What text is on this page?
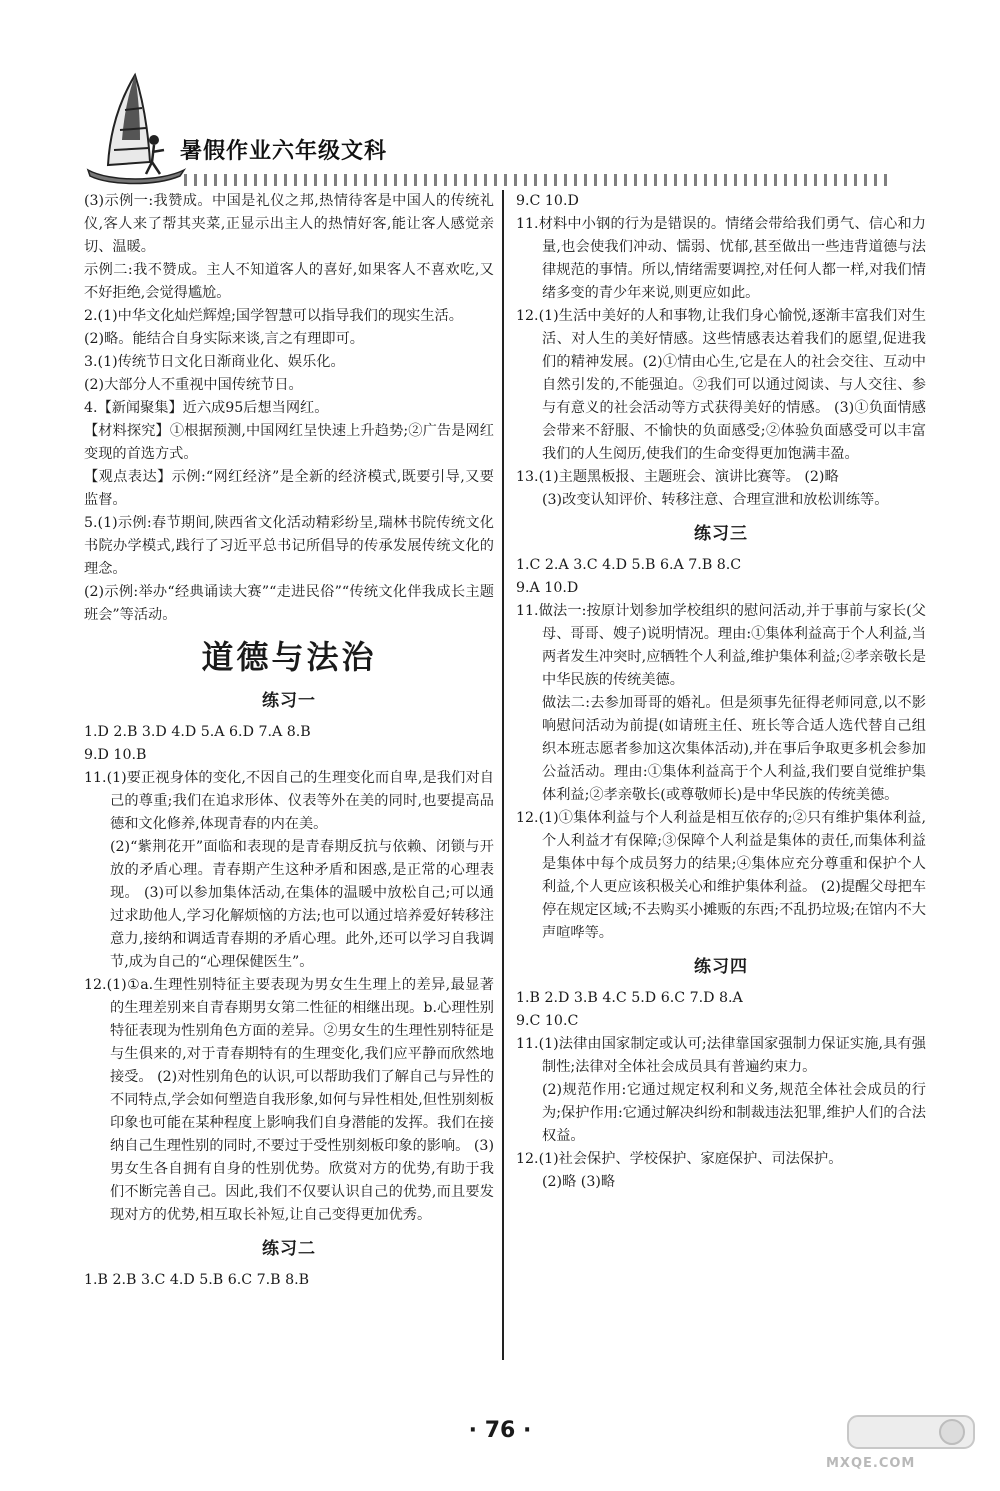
暑假作业六年级文科

(3)示例一:我赞成。中国是礼仪之邦,热情待客是中国人的传统礼仪,客人来了帮其夹菜,正显示出主人的热情好客,能让客人感觉亲切、温暖。

示例二:我不赞成。主人不知道客人的喜好,如果客人不喜欢吃,又不好拒绝,会觉得尴尬。

2.(1)中华文化灿烂辉煌;国学智慧可以指导我们的现实生活。

(2)略。能结合自身实际来谈,言之有理即可。

3.(1)传统节日文化日渐商业化、娱乐化。

(2)大部分人不重视中国传统节日。

4.【新闻聚集】近六成95后想当网红。

【材料探究】①根据预测,中国网红呈快速上升趋势;②广告是网红变现的首选方式。

【观点表达】示例:“网红经济”是全新的经济模式,既要引导,又要监督。

5.(1)示例:春节期间,陕西省文化活动精彩纷呈,瑞林书院传统文化书院办学模式,践行了习近平总书记所倡导的传承发展传统文化的理念。

(2)示例:举办“经典诵读大赛”“走进民俗”“传统文化伴我成长主题班会”等活动。

道德与法治
练习一

1.D 2.B 3.D 4.D 5.A 6.D 7.A 8.B

9.D 10.B

11.(1)要正视身体的变化,不因自己的生理变化而自卑,是我们对自己的尊重;我们在追求形体、仪表等外在美的同时,也要提高品德和文化修养,体现青春的内在美。

(2)“紫荆花开”面临和表现的是青春期反抗与依赖、闭锁与开放的矛盾心理。青春期产生这种矛盾和困惑,是正常的心理表现。 (3)可以参加集体活动,在集体的温暖中放松自己;可以通过求助他人,学习化解烦恼的方法;也可以通过培养爱好转移注意力,接纳和调适青春期的矛盾心理。此外,还可以学习自我调节,成为自己的“心理保健医生”。

12.(1)①a.生理性别特征主要表现为男女生生理上的差异,最显著的生理差别来自青春期男女第二性征的相继出现。b.心理性别特征表现为性别角色方面的差异。②男女生的生理性别特征是与生俱来的,对于青春期特有的生理变化,我们应平静而欣然地接受。 (2)对性别角色的认识,可以帮助我们了解自己与异性的不同特点,学会如何塑造自我形象,如何与异性相处,但性别刻板印象也可能在某种程度上影响我们自身潜能的发挥。我们在接纳自己生理性别的同时,不要过于受性别刻板印象的影响。 (3)男女生各自拥有自身的性别优势。欣赏对方的优势,有助于我们不断完善自己。因此,我们不仅要认识自己的优势,而且要发现对方的优势,相互取长补短,让自己变得更加优秀。

练习二

1.B 2.B 3.C 4.D 5.B 6.C 7.B 8.B

9.C 10.D

11.材料中小钢的行为是错误的。情绪会带给我们勇气、信心和力量,也会使我们冲动、懦弱、忧郁,甚至做出一些违背道德与法律规范的事情。所以,情绪需要调控,对任何人都一样,对我们情绪多变的青少年来说,则更应如此。

12.(1)生活中美好的人和事物,让我们身心愉悦,逐渐丰富我们对生活、对人生的美好情感。这些情感表达着我们的愿望,促进我们的精神发展。(2)①情由心生,它是在人的社会交往、互动中自然引发的,不能强迫。②我们可以通过阅读、与人交往、参与有意义的社会活动等方式获得美好的情感。 (3)①负面情感会带来不舒服、不愉快的负面感受;②体验负面感受可以丰富我们的人生阅历,使我们的生命变得更加饱满丰盈。

13.(1)主题黑板报、主题班会、演讲比赛等。 (2)略

(3)改变认知评价、转移注意、合理宣泄和放松训练等。

练习三

1.C 2.A 3.C 4.D 5.B 6.A 7.B 8.C

9.A 10.D

11.做法一:按原计划参加学校组织的慰问活动,并于事前与家长(父母、哥哥、嫂子)说明情况。理由:①集体利益高于个人利益,当两者发生冲突时,应牺牲个人利益,维护集体利益;②孝亲敬长是中华民族的传统美德。

做法二:去参加哥哥的婚礼。但是须事先征得老师同意,以不影响慰问活动为前提(如请班主任、班长等合适人选代替自己组织本班志愿者参加这次集体活动),并在事后争取更多机会参加公益活动。理由:①集体利益高于个人利益,我们要自觉维护集体利益;②孝亲敬长(或尊敬师长)是中华民族的传统美德。

12.(1)①集体利益与个人利益是相互依存的;②只有维护集体利益,个人利益才有保障;③保障个人利益是集体的责任,而集体利益是集体中每个成员努力的结果;④集体应充分尊重和保护个人利益,个人更应该积极关心和维护集体利益。 (2)提醒父母把车停在规定区域;不去购买小摊贩的东西;不乱扔垃圾;在馆内不大声喧哗等。

练习四

1.B 2.D 3.B 4.C 5.D 6.C 7.D 8.A

9.C 10.C

11.(1)法律由国家制定或认可;法律靠国家强制力保证实施,具有强制性;法律对全体社会成员具有普遍约束力。

(2)规范作用:它通过规定权利和义务,规范全体社会成员的行为;保护作用:它通过解决纠纷和制裁违法犯罪,维护人们的合法权益。

12.(1)社会保护、学校保护、家庭保护、司法保护。

(2)略 (3)略

· 76 ·
MXQE.COM
